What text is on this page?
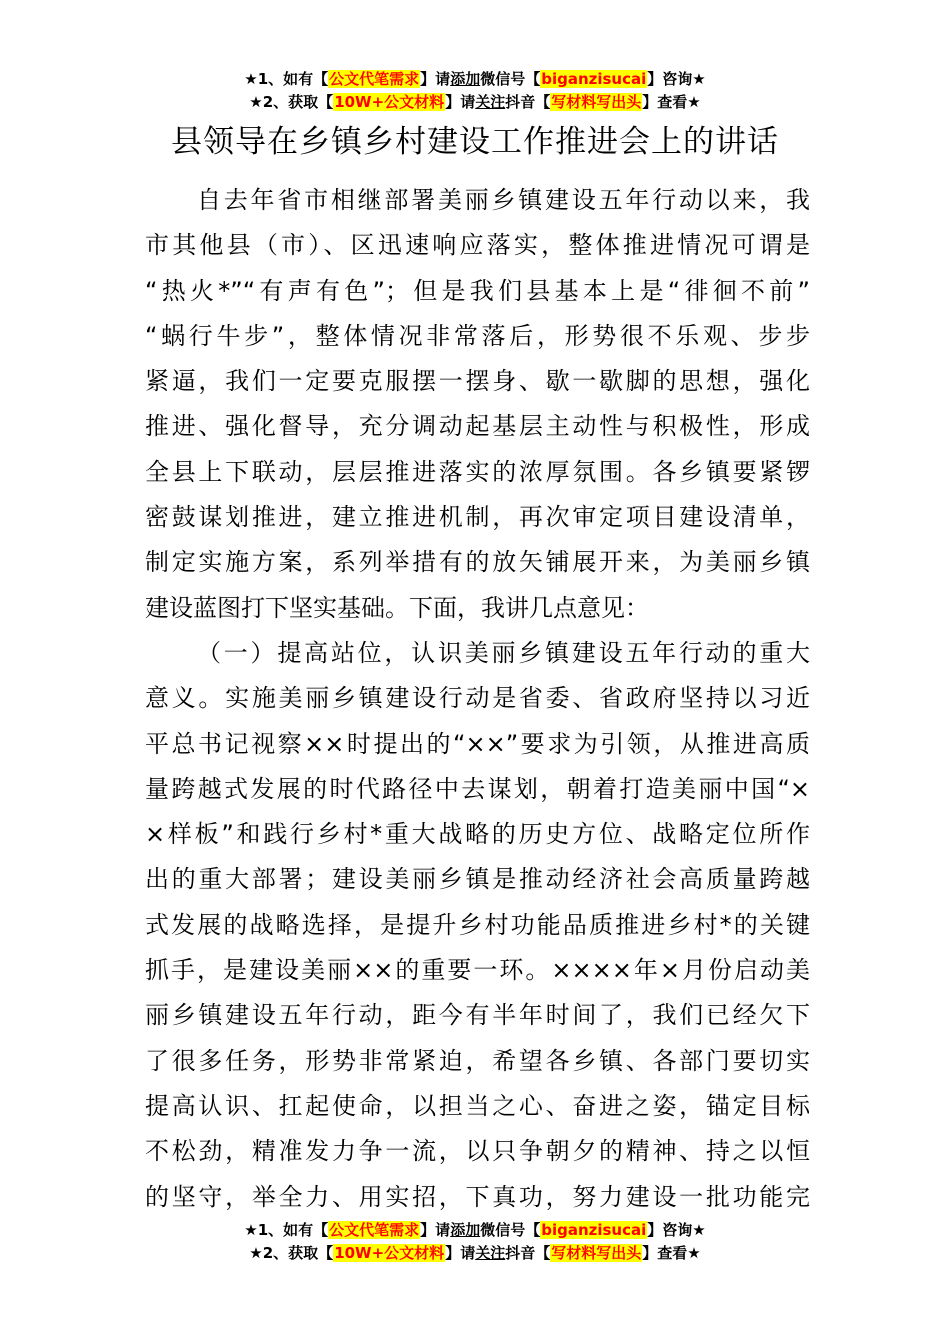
★1、如有【公文代笔需求】请添加微信号【biganzisucai】咨询★
★2、获取【10W+公文材料】请关注抖音【写材料写出头】查看★
县领导在乡镇乡村建设工作推进会上的讲话
自去年省市相继部署美丽乡镇建设五年行动以来，我
市其他县（市）、区迅速响应落实，整体推进情况可谓是
“热火*”“有声有色”；但是我们县基本上是“徘徊不前”
“蜗行牛步”，整体情况非常落后，形势很不乐观、步步
紧逼，我们一定要克服摆一摆身、歇一歇脚的思想，强化
推进、强化督导，充分调动起基层主动性与积极性，形成
全县上下联动，层层推进落实的浓厚氛围。各乡镇要紧锣
密鼓谋划推进，建立推进机制，再次审定项目建设清单，
制定实施方案，系列举措有的放矢铺展开来，为美丽乡镇
建设蓝图打下坚实基础。下面，我讲几点意见：
（一）提高站位，认识美丽乡镇建设五年行动的重大
意义。实施美丽乡镇建设行动是省委、省政府坚持以习近
平总书记视察××时提出的“××”要求为引领，从推进高质
量跨越式发展的时代路径中去谋划，朝着打造美丽中国“×
×样板”和践行乡村*重大战略的历史方位、战略定位所作
出的重大部署；建设美丽乡镇是推动经济社会高质量跨越
式发展的战略选择，是提升乡村功能品质推进乡村*的关键
抓手，是建设美丽××的重要一环。××××年×月份启动美
丽乡镇建设五年行动，距今有半年时间了，我们已经欠下
了很多任务，形势非常紧迫，希望各乡镇、各部门要切实
提高认识、扛起使命，以担当之心、奋进之姿，锚定目标
不松劲，精准发力争一流，以只争朝夕的精神、持之以恒
的坚守，举全力、用实招，下真功，努力建设一批功能完
★1、如有【公文代笔需求】请添加微信号【biganzisucai】咨询★
★2、获取【10W+公文材料】请关注抖音【写材料写出头】查看★
